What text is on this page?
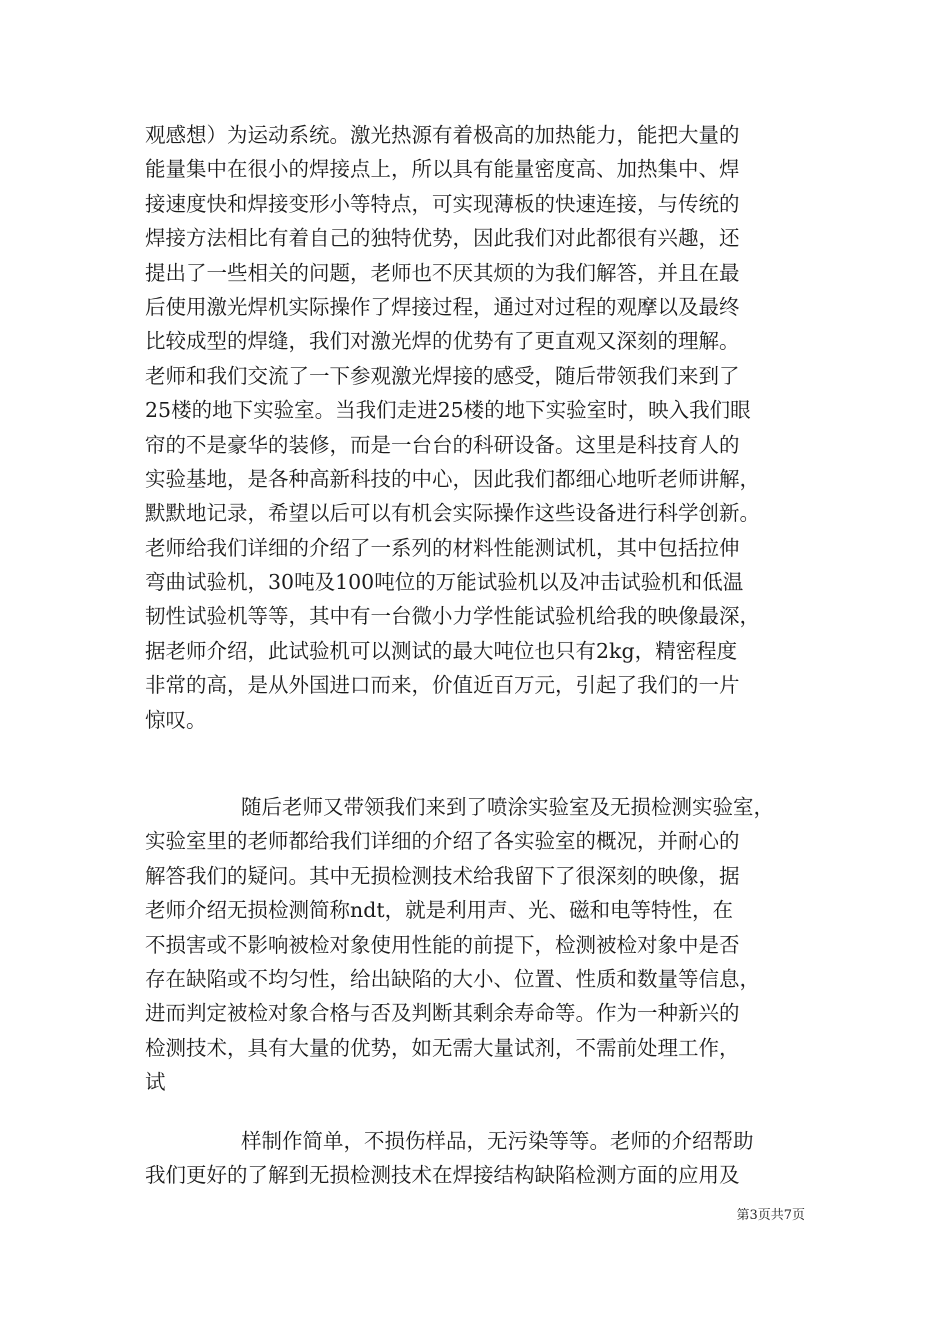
观感想）为运动系统。激光热源有着极高的加热能力，能把大量的
能量集中在很小的焊接点上，所以具有能量密度高、加热集中、焊
接速度快和焊接变形小等特点，可实现薄板的快速连接，与传统的
焊接方法相比有着自己的独特优势，因此我们对此都很有兴趣，还
提出了一些相关的问题，老师也不厌其烦的为我们解答，并且在最
后使用激光焊机实际操作了焊接过程，通过对过程的观摩以及最终
比较成型的焊缝，我们对激光焊的优势有了更直观又深刻的理解。
老师和我们交流了一下参观激光焊接的感受，随后带领我们来到了
25楼的地下实验室。当我们走进25楼的地下实验室时，映入我们眼
帘的不是豪华的装修，而是一台台的科研设备。这里是科技育人的
实验基地，是各种高新科技的中心，因此我们都细心地听老师讲解，
默默地记录，希望以后可以有机会实际操作这些设备进行科学创新。
老师给我们详细的介绍了一系列的材料性能测试机，其中包括拉伸
弯曲试验机，30吨及100吨位的万能试验机以及冲击试验机和低温
韧性试验机等等，其中有一台微小力学性能试验机给我的映像最深，
据老师介绍，此试验机可以测试的最大吨位也只有2kg，精密程度
非常的高，是从外国进口而来，价值近百万元，引起了我们的一片
惊叹。
随后老师又带领我们来到了喷涂实验室及无损检测实验室，
实验室里的老师都给我们详细的介绍了各实验室的概况，并耐心的
解答我们的疑问。其中无损检测技术给我留下了很深刻的映像，据
老师介绍无损检测简称ndt，就是利用声、光、磁和电等特性，在
不损害或不影响被检对象使用性能的前提下，检测被检对象中是否
存在缺陷或不均匀性，给出缺陷的大小、位置、性质和数量等信息，
进而判定被检对象合格与否及判断其剩余寿命等。作为一种新兴的
检测技术，具有大量的优势，如无需大量试剂，不需前处理工作，
试
样制作简单，不损伤样品，无污染等等。老师的介绍帮助
我们更好的了解到无损检测技术在焊接结构缺陷检测方面的应用及
第3页共7页
